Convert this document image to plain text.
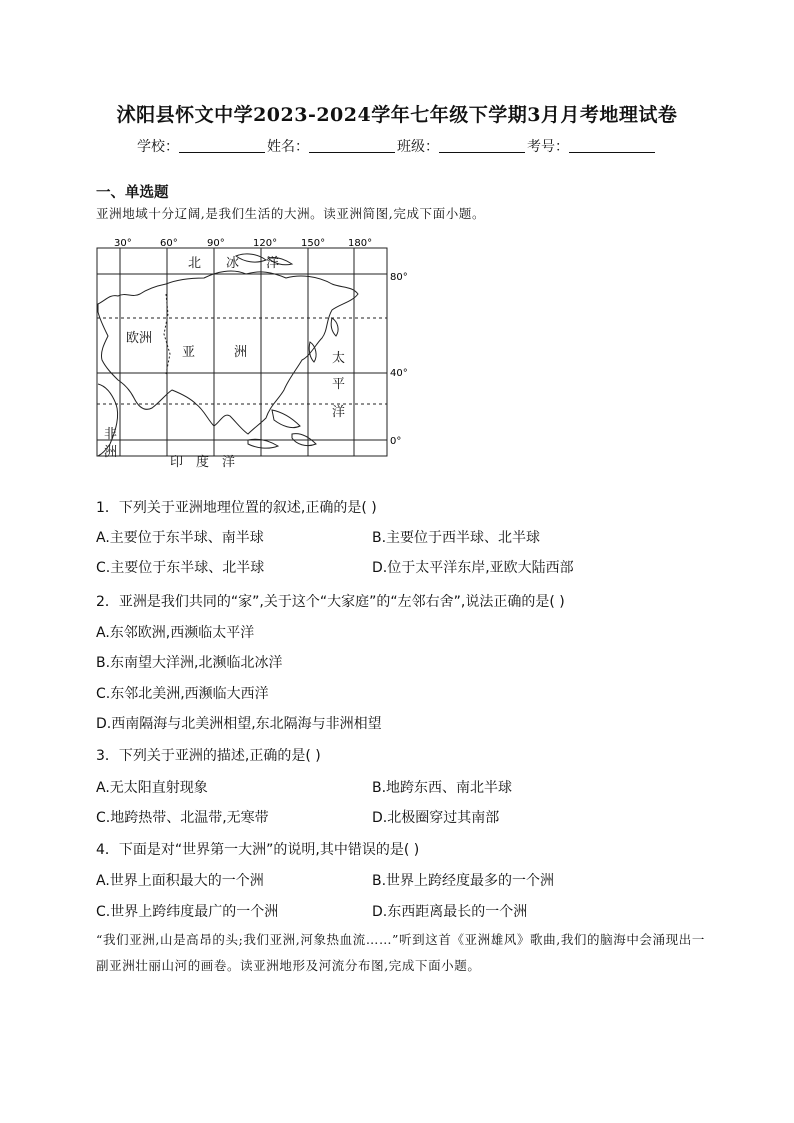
沭阳县怀文中学2023-2024学年七年级下学期3月月考地理试卷
学校：	姓名：	班级：	考号：
一、单选题
亚洲地域十分辽阔,是我们生活的大洲。读亚洲简图,完成下面小题。
30°	60°	90°	120° 150° 180°
80°
40°
0°
北 冰 洋
欧洲
亚	洲	太
平
洋
非
洲
印 度 洋
1．下列关于亚洲地理位置的叙述,正确的是( )
A.主要位于东半球、南半球	B.主要位于西半球、北半球
C.主要位于东半球、北半球	D.位于太平洋东岸,亚欧大陆西部
2．亚洲是我们共同的“家”,关于这个“大家庭”的“左邻右舍”,说法正确的是( )
A.东邻欧洲,西濒临太平洋
B.东南望大洋洲,北濒临北冰洋
C.东邻北美洲,西濒临大西洋
D.西南隔海与北美洲相望,东北隔海与非洲相望
3．下列关于亚洲的描述,正确的是( )
A.无太阳直射现象	B.地跨东西、南北半球
C.地跨热带、北温带,无寒带	D.北极圈穿过其南部
4．下面是对“世界第一大洲”的说明,其中错误的是( )
A.世界上面积最大的一个洲	B.世界上跨经度最多的一个洲
C.世界上跨纬度最广的一个洲	D.东西距离最长的一个洲
“我们亚洲,山是高昂的头;我们亚洲,河象热血流……”听到这首《亚洲雄风》歌曲,我们的脑海中会涌现出一副亚洲壮丽山河的画卷。读亚洲地形及河流分布图,完成下面小题。
